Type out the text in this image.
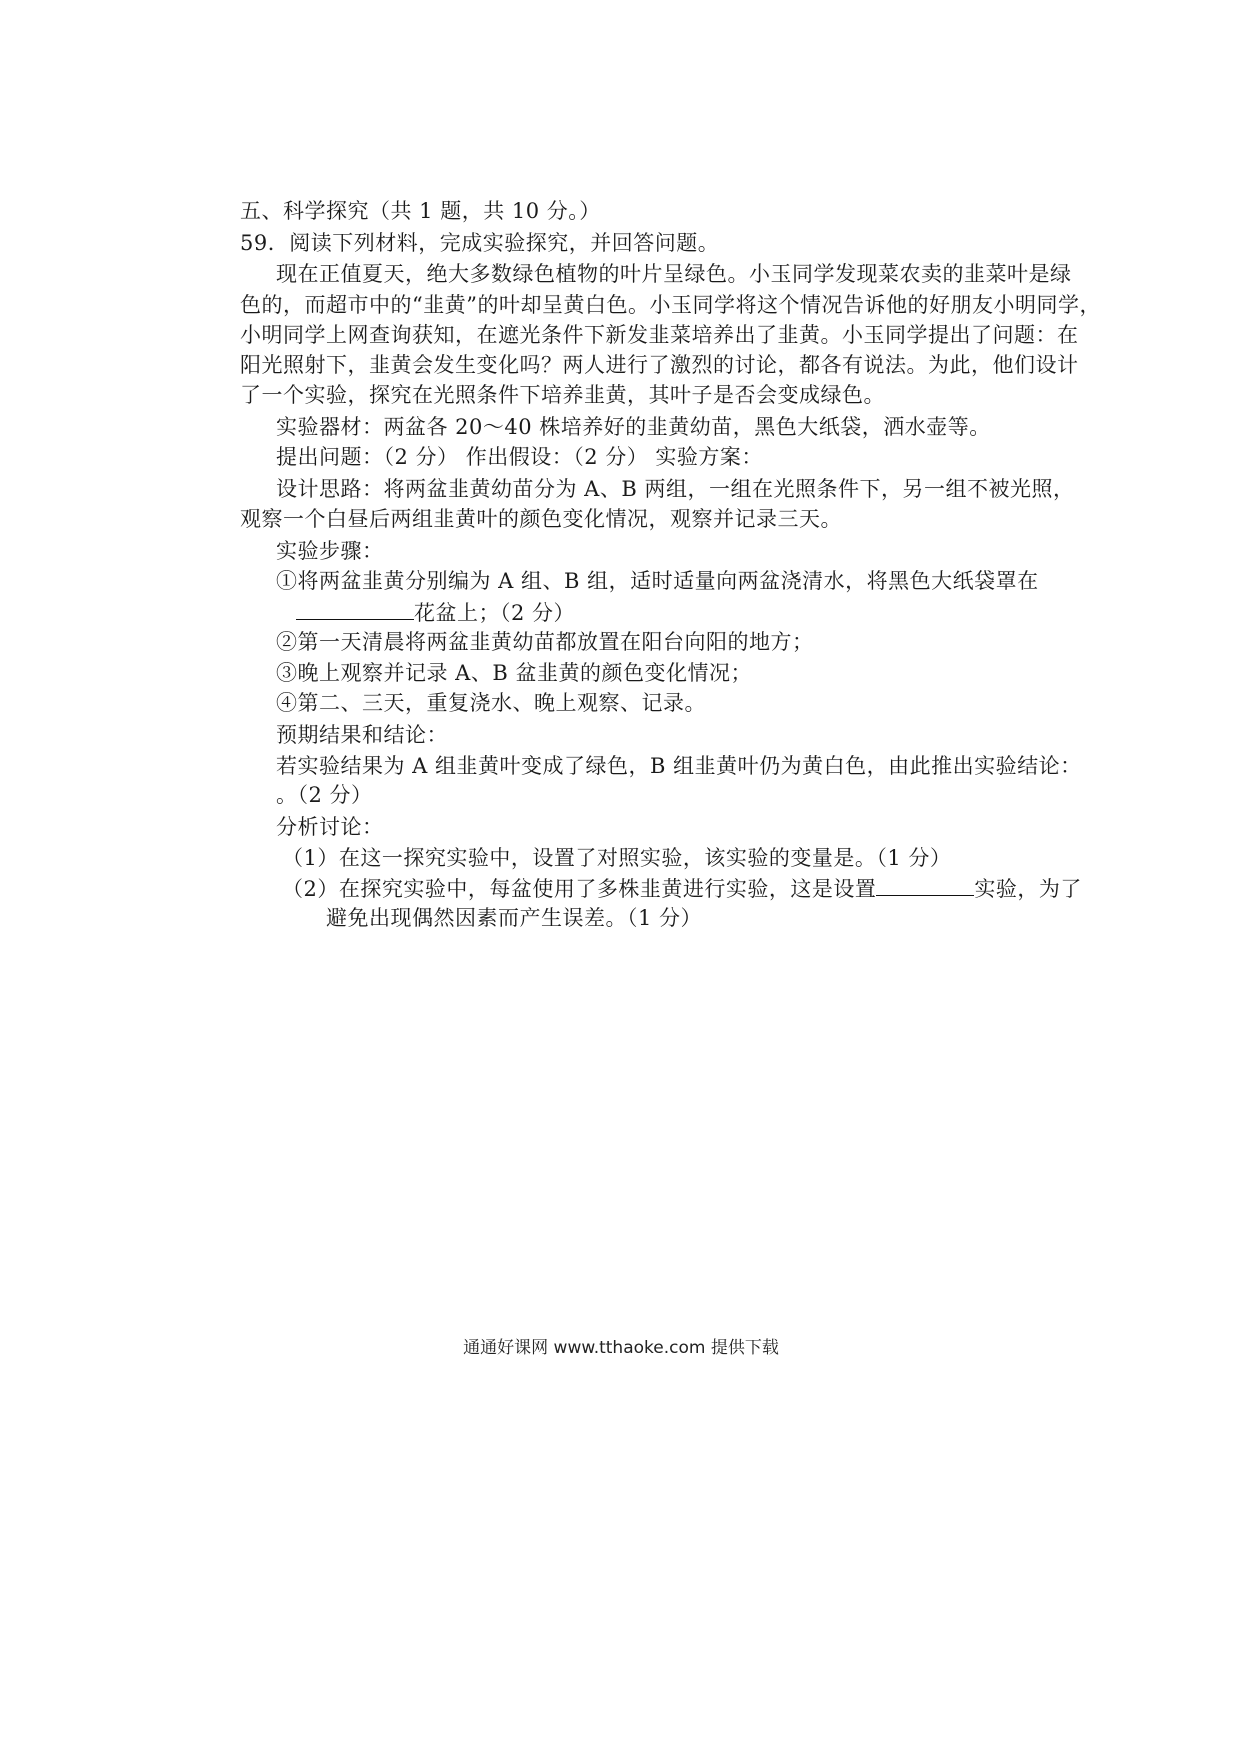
五、科学探究（共 1 题，共 10 分。）
59．阅读下列材料，完成实验探究，并回答问题。
现在正值夏天，绝大多数绿色植物的叶片呈绿色。小玉同学发现菜农卖的韭菜叶是绿
色的，而超市中的“韭黄”的叶却呈黄白色。小玉同学将这个情况告诉他的好朋友小明同学，
小明同学上网查询获知，在遮光条件下新发韭菜培养出了韭黄。小玉同学提出了问题：在
阳光照射下，韭黄会发生变化吗？两人进行了激烈的讨论，都各有说法。为此，他们设计
了一个实验，探究在光照条件下培养韭黄，其叶子是否会变成绿色。
实验器材：两盆各 20～40 株培养好的韭黄幼苗，黑色大纸袋，洒水壶等。
提出问题：（2 分） 作出假设：（2 分） 实验方案：
设计思路：将两盆韭黄幼苗分为 A、B 两组，一组在光照条件下，另一组不被光照，
观察一个白昼后两组韭黄叶的颜色变化情况，观察并记录三天。
实验步骤：
①将两盆韭黄分别编为 A 组、B 组，适时适量向两盆浇清水，将黑色大纸袋罩在
花盆上；（2 分）
②第一天清晨将两盆韭黄幼苗都放置在阳台向阳的地方；
③晚上观察并记录 A、B 盆韭黄的颜色变化情况；
④第二、三天，重复浇水、晚上观察、记录。
预期结果和结论：
若实验结果为 A 组韭黄叶变成了绿色，B 组韭黄叶仍为黄白色，由此推出实验结论：
。（2 分）
分析讨论：
（1）在这一探究实验中，设置了对照实验，该实验的变量是。（1 分）
（2）在探究实验中，每盆使用了多株韭黄进行实验，这是设置	实验，为了
避免出现偶然因素而产生误差。（1 分）
通通好课网 www.tthaoke.com 提供下载
